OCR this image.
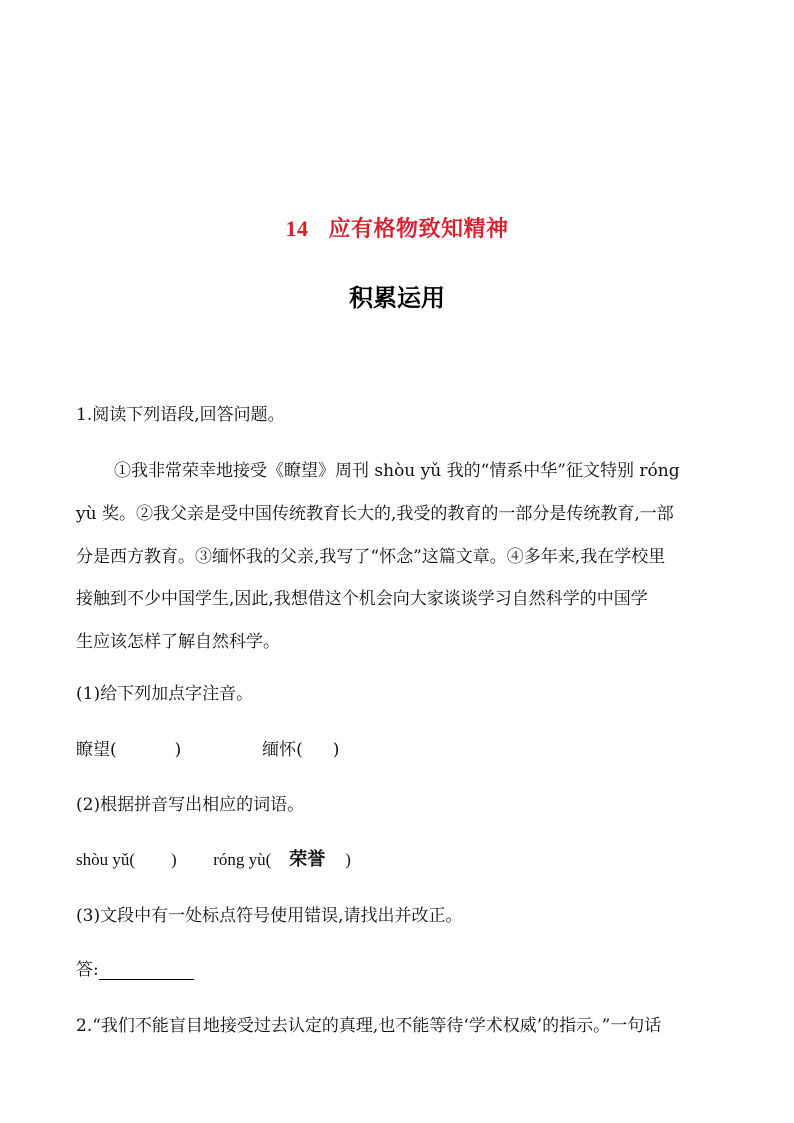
14 应有格物致知精神
积累运用
1.阅读下列语段,回答问题。
①我非常荣幸地接受《瞭望》周刊 shòu yǔ 我的“情系中华”征文特别 róng
yù 奖。②我父亲是受中国传统教育长大的,我受的教育的一部分是传统教育,一部
分是西方教育。③缅怀我的父亲,我写了“怀念”这篇文章。④多年来,我在学校里
接触到不少中国学生,因此,我想借这个机会向大家谈谈学习自然科学的中国学
生应该怎样了解自然科学。
(1)给下列加点字注音。
瞭望(	)	缅怀( )
(2)根据拼音写出相应的词语。
shòu yǔ( ) róng yù( 荣誉 )
(3)文段中有一处标点符号使用错误,请找出并改正。
答:
2.“我们不能盲目地接受过去认定的真理,也不能等待‘学术权威’的指示。”一句话
